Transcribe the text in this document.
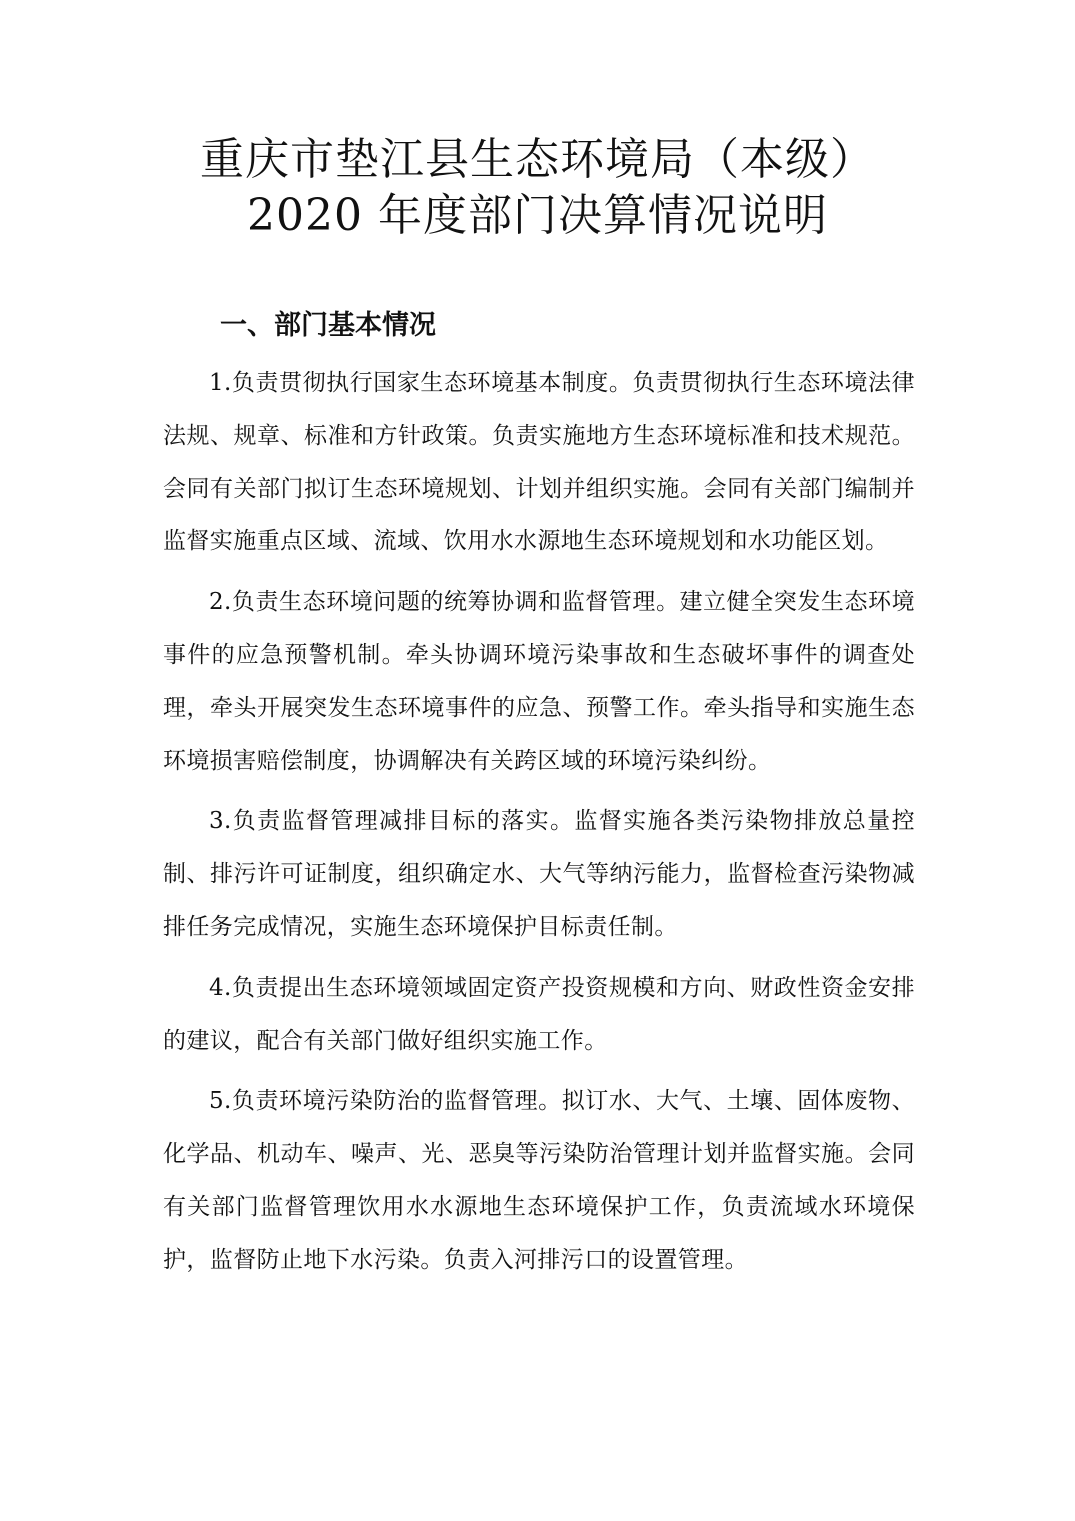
重庆市垫江县生态环境局（本级）
2020 年度部门决算情况说明
一、部门基本情况

1.负责贯彻执行国家生态环境基本制度。负责贯彻执行生态环境法律法规、规章、标准和方针政策。负责实施地方生态环境标准和技术规范。会同有关部门拟订生态环境规划、计划并组织实施。会同有关部门编制并监督实施重点区域、流域、饮用水水源地生态环境规划和水功能区划。

2.负责生态环境问题的统筹协调和监督管理。建立健全突发生态环境事件的应急预警机制。牵头协调环境污染事故和生态破坏事件的调查处理，牵头开展突发生态环境事件的应急、预警工作。牵头指导和实施生态环境损害赔偿制度，协调解决有关跨区域的环境污染纠纷。

3.负责监督管理减排目标的落实。监督实施各类污染物排放总量控制、排污许可证制度，组织确定水、大气等纳污能力，监督检查污染物减排任务完成情况，实施生态环境保护目标责任制。

4.负责提出生态环境领域固定资产投资规模和方向、财政性资金安排的建议，配合有关部门做好组织实施工作。

5.负责环境污染防治的监督管理。拟订水、大气、土壤、固体废物、化学品、机动车、噪声、光、恶臭等污染防治管理计划并监督实施。会同有关部门监督管理饮用水水源地生态环境保护工作，负责流域水环境保护，监督防止地下水污染。负责入河排污口的设置管理。
